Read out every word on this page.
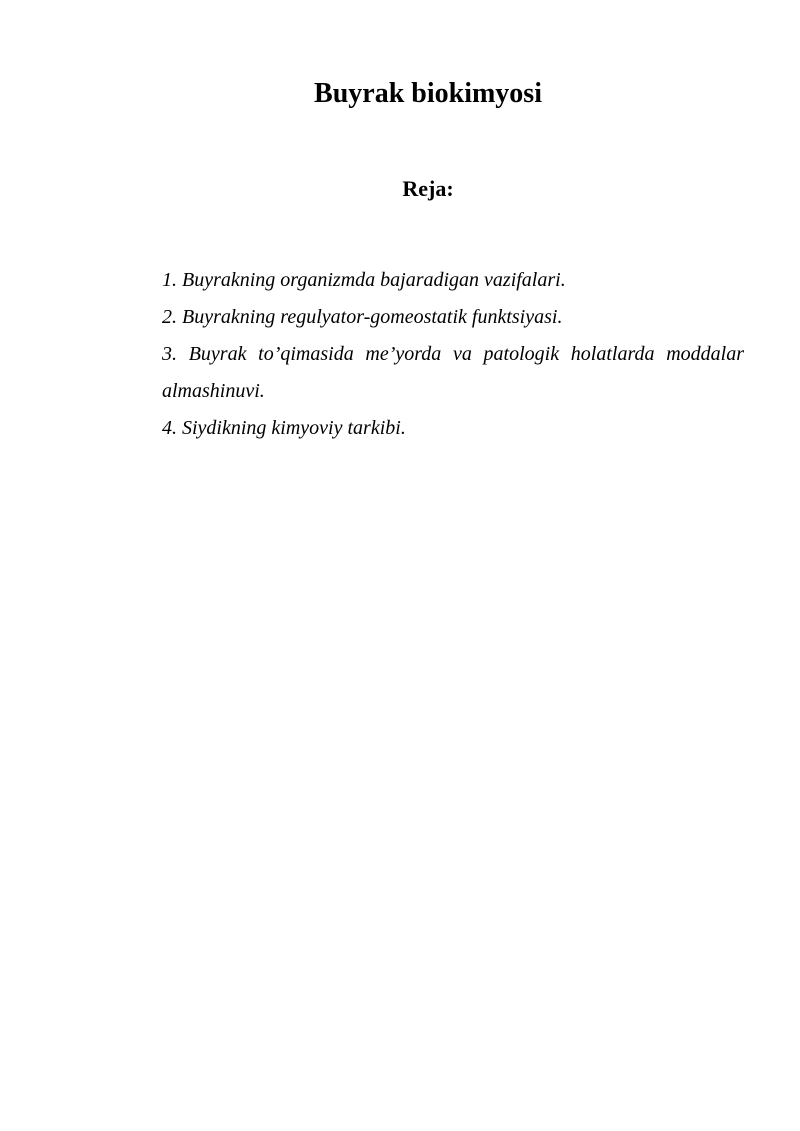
Buyrak biokimyosi
Reja:
1. Buyrakning organizmda bajaradigan vazifalari.
2. Buyrakning regulyator-gomeostatik funktsiyasi.
3. Buyrak to’qimasida me’yorda va patologik holatlarda moddalar almashinuvi.
4. Siydikning kimyoviy tarkibi.
